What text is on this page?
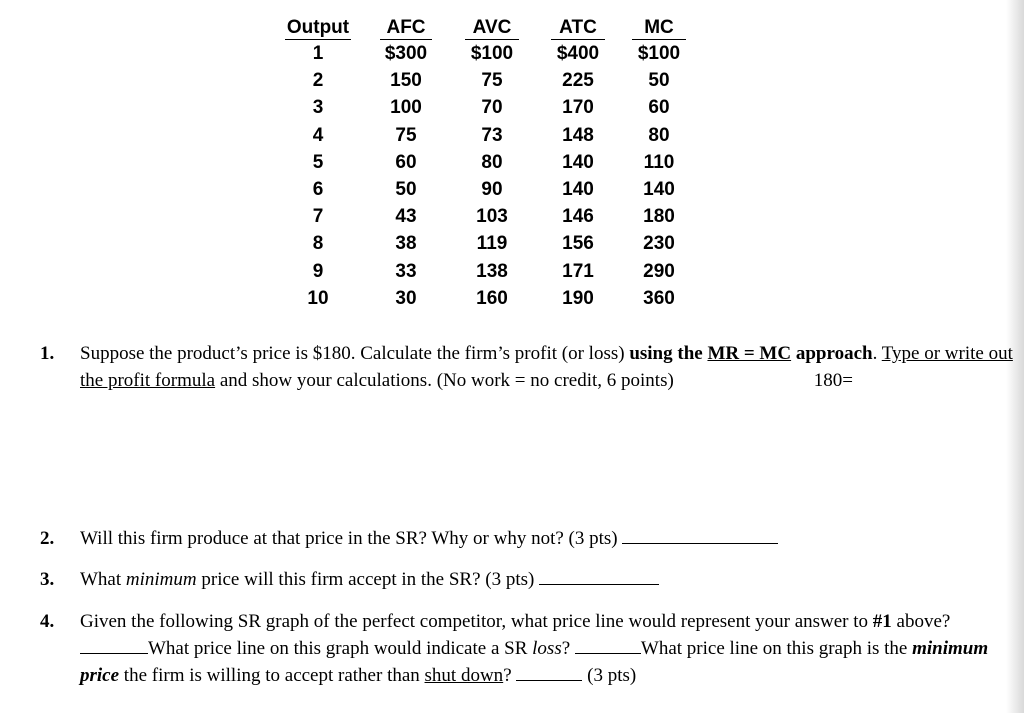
Output	AFC	AVC	ATC	MC
1	$300	$100	$400	$100
2	150	75	225	50
3	100	70	170	60
4	75	73	148	80
5	60	80	140	110
6	50	90	140	140
7	43	103	146	180
8	38	119	156	230
9	33	138	171	290
10	30	160	190	360
1. Suppose the product’s price is $180. Calculate the firm’s profit (or loss) using the MR = MC approach. Type or write out the profit formula and show your calculations. (No work = no credit, 6 points)	180=
2. Will this firm produce at that price in the SR? Why or why not? (3 pts)
3. What minimum price will this firm accept in the SR? (3 pts)
4. Given the following SR graph of the perfect competitor, what price line would represent your answer to #1 above? What price line on this graph would indicate a SR loss?	What price line on this graph is the minimum price the firm is willing to accept rather than shut down?	(3 pts)
